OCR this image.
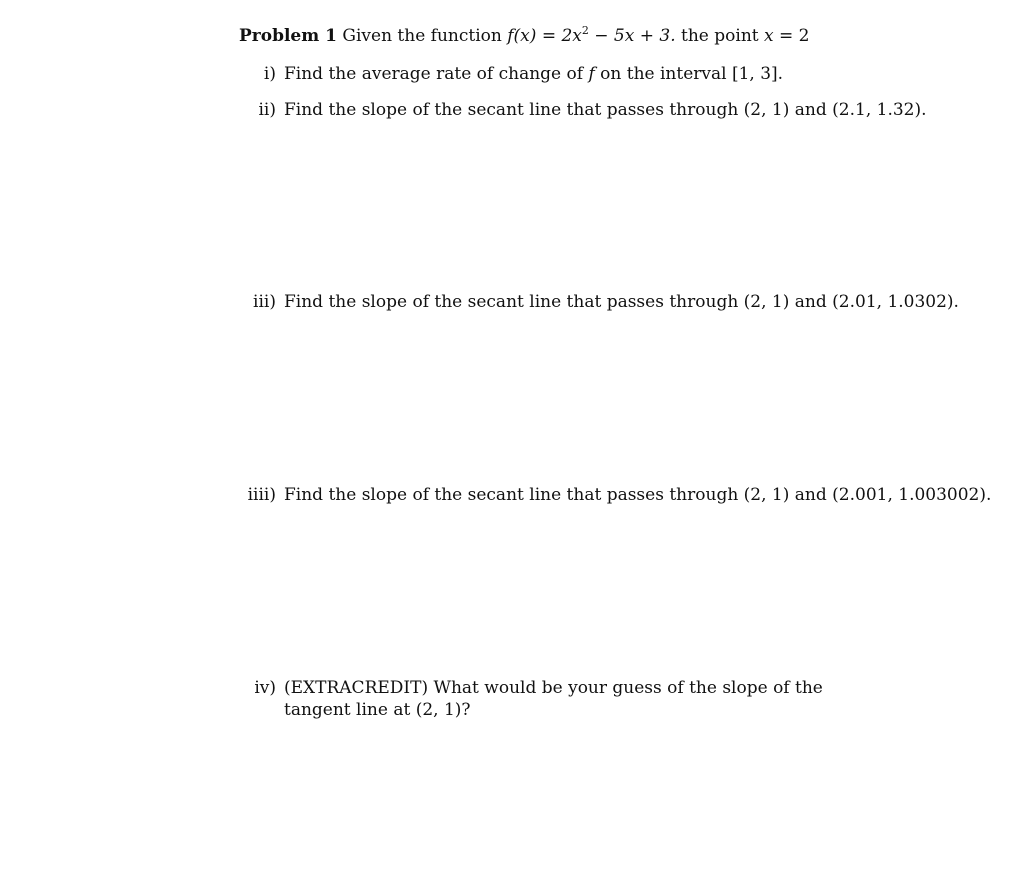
Problem 1 Given the function $f(x) = 2x^2 - 5x + 3$. the point x = 2
i) Find the average rate of change of f on the interval [1, 3].
ii) Find the slope of the secant line that passes through (2, 1) and (2.1, 1.32).
iii) Find the slope of the secant line that passes through (2, 1) and (2.01, 1.0302).
iiii) Find the slope of the secant line that passes through (2, 1) and (2.001, 1.003002).
iv) (EXTRACREDIT) What would be your guess of the slope of the tangent line at (2, 1)?
